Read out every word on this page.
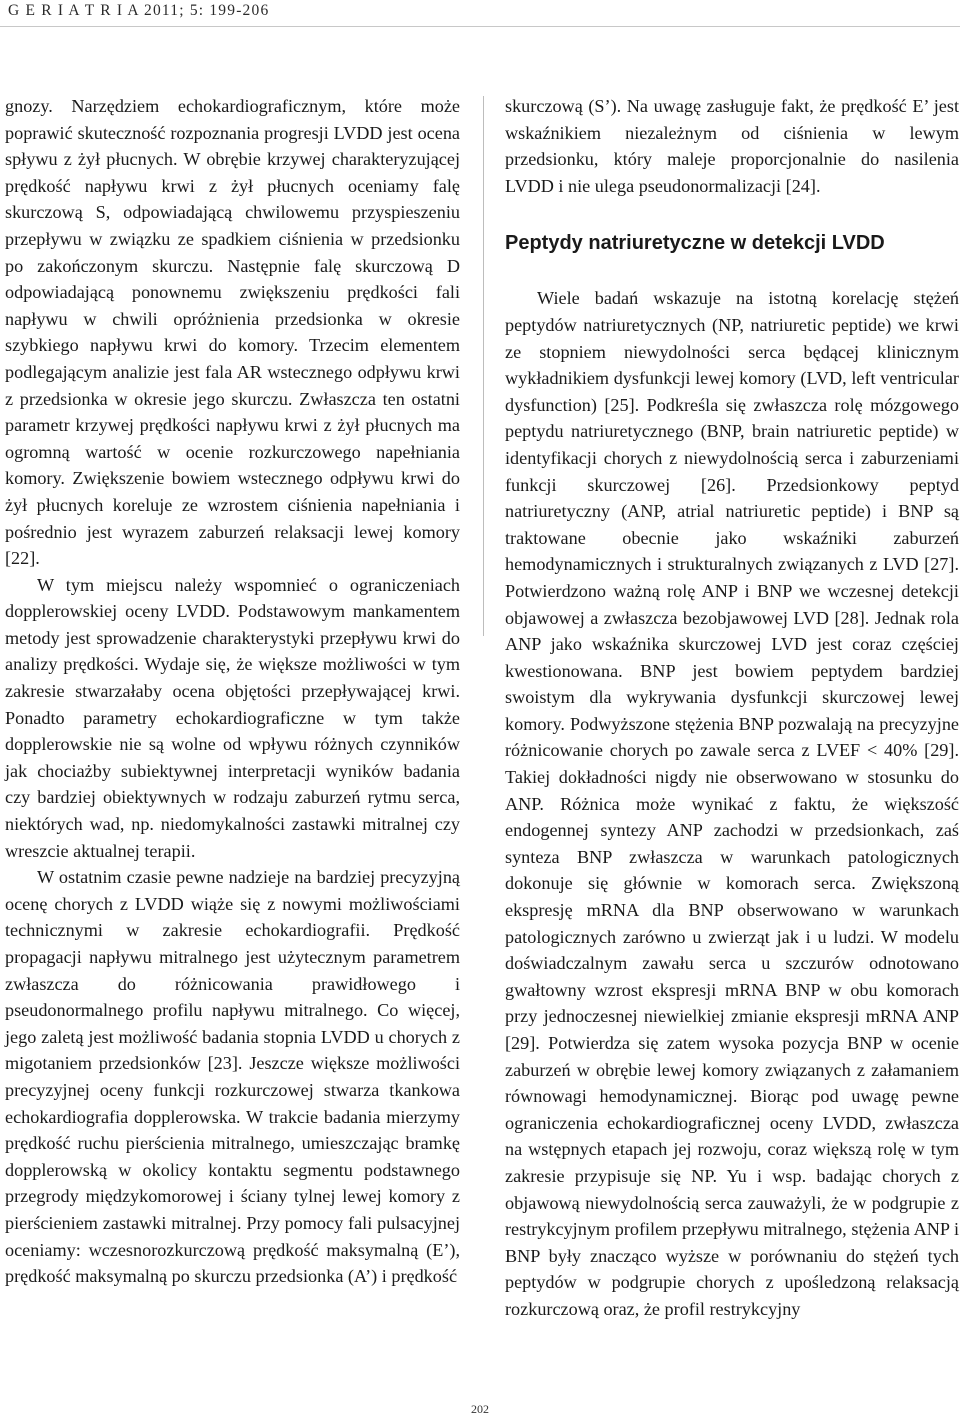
G E R I A T R I A 2011; 5: 199-206

gnozy. Narzędziem echokardiograficznym, które może poprawić skuteczność rozpoznania progresji LVDD jest ocena spływu z żył płucnych. W obrębie krzywej charakteryzującej prędkość napływu krwi z żył płucnych oceniamy falę skurczową S, odpowiadającą chwilowemu przyspieszeniu przepływu w związku ze spadkiem ciśnienia w przedsionku po zakończonym skurczu. Następnie falę skurczową D odpowiadającą ponownemu zwiększeniu prędkości fali napływu w chwili opróżnienia przedsionka w okresie szybkiego napływu krwi do komory. Trzecim elementem podlegającym analizie jest fala AR wstecznego odpływu krwi z przedsionka w okresie jego skurczu. Zwłaszcza ten ostatni parametr krzywej prędkości napływu krwi z żył płucnych ma ogromną wartość w ocenie rozkurczowego napełniania komory. Zwiększenie bowiem wstecznego odpływu krwi do żył płucnych koreluje ze wzrostem ciśnienia napełniania i pośrednio jest wyrazem zaburzeń relaksacji lewej komory [22].

W tym miejscu należy wspomnieć o ograniczeniach dopplerowskiej oceny LVDD. Podstawowym mankamentem metody jest sprowadzenie charakterystyki przepływu krwi do analizy prędkości. Wydaje się, że większe możliwości w tym zakresie stwarzałaby ocena objętości przepływającej krwi. Ponadto parametry echokardiograficzne w tym także dopplerowskie nie są wolne od wpływu różnych czynników jak chociażby subiektywnej interpretacji wyników badania czy bardziej obiektywnych w rodzaju zaburzeń rytmu serca, niektórych wad, np. niedomykalności zastawki mitralnej czy wreszcie aktualnej terapii.

W ostatnim czasie pewne nadzieje na bardziej precyzyjną ocenę chorych z LVDD wiąże się z nowymi możliwościami technicznymi w zakresie echokardiografii. Prędkość propagacji napływu mitralnego jest użytecznym parametrem zwłaszcza do różnicowania prawidłowego i pseudonormalnego profilu napływu mitralnego. Co więcej, jego zaletą jest możliwość badania stopnia LVDD u chorych z migotaniem przedsionków [23]. Jeszcze większe możliwości precyzyjnej oceny funkcji rozkurczowej stwarza tkankowa echokardiografia dopplerowska. W trakcie badania mierzymy prędkość ruchu pierścienia mitralnego, umieszczając bramkę dopplerowską w okolicy kontaktu segmentu podstawnego przegrody międzykomorowej i ściany tylnej lewej komory z pierścieniem zastawki mitralnej. Przy pomocy fali pulsacyjnej oceniamy: wczesnorozkurczową prędkość maksymalną (E’), prędkość maksymalną po skurczu przedsionka (A’) i prędkość

skurczową (S’). Na uwagę zasługuje fakt, że prędkość E’ jest wskaźnikiem niezależnym od ciśnienia w lewym przedsionku, który maleje proporcjonalnie do nasilenia LVDD i nie ulega pseudonormalizacji [24].

Peptydy natriuretyczne w detekcji LVDD

Wiele badań wskazuje na istotną korelację stężeń peptydów natriuretycznych (NP, natriuretic peptide) we krwi ze stopniem niewydolności serca będącej klinicznym wykładnikiem dysfunkcji lewej komory (LVD, left ventricular dysfunction) [25]. Podkreśla się zwłaszcza rolę mózgowego peptydu natriuretycznego (BNP, brain natriuretic peptide) w identyfikacji chorych z niewydolnością serca i zaburzeniami funkcji skurczowej [26]. Przedsionkowy peptyd natriuretyczny (ANP, atrial natriuretic peptide) i BNP są traktowane obecnie jako wskaźniki zaburzeń hemodynamicznych i strukturalnych związanych z LVD [27]. Potwierdzono ważną rolę ANP i BNP we wczesnej detekcji objawowej a zwłaszcza bezobjawowej LVD [28]. Jednak rola ANP jako wskaźnika skurczowej LVD jest coraz częściej kwestionowana. BNP jest bowiem peptydem bardziej swoistym dla wykrywania dysfunkcji skurczowej lewej komory. Podwyższone stężenia BNP pozwalają na precyzyjne różnicowanie chorych po zawale serca z LVEF < 40% [29]. Takiej dokładności nigdy nie obserwowano w stosunku do ANP. Różnica może wynikać z faktu, że większość endogennej syntezy ANP zachodzi w przedsionkach, zaś synteza BNP zwłaszcza w warunkach patologicznych dokonuje się głównie w komorach serca. Zwiększoną ekspresję mRNA dla BNP obserwowano w warunkach patologicznych zarówno u zwierząt jak i u ludzi. W modelu doświadczalnym zawału serca u szczurów odnotowano gwałtowny wzrost ekspresji mRNA BNP w obu komorach przy jednoczesnej niewielkiej zmianie ekspresji mRNA ANP [29]. Potwierdza się zatem wysoka pozycja BNP w ocenie zaburzeń w obrębie lewej komory związanych z załamaniem równowagi hemodynamicznej. Biorąc pod uwagę pewne ograniczenia echokardiograficznej oceny LVDD, zwłaszcza na wstępnych etapach jej rozwoju, coraz większą rolę w tym zakresie przypisuje się NP. Yu i wsp. badając chorych z objawową niewydolnością serca zauważyli, że w podgrupie z restrykcyjnym profilem przepływu mitralnego, stężenia ANP i BNP były znacząco wyższe w porównaniu do stężeń tych peptydów w podgrupie chorych z upośledzoną relaksacją rozkurczową oraz, że profil restrykcyjny

202
